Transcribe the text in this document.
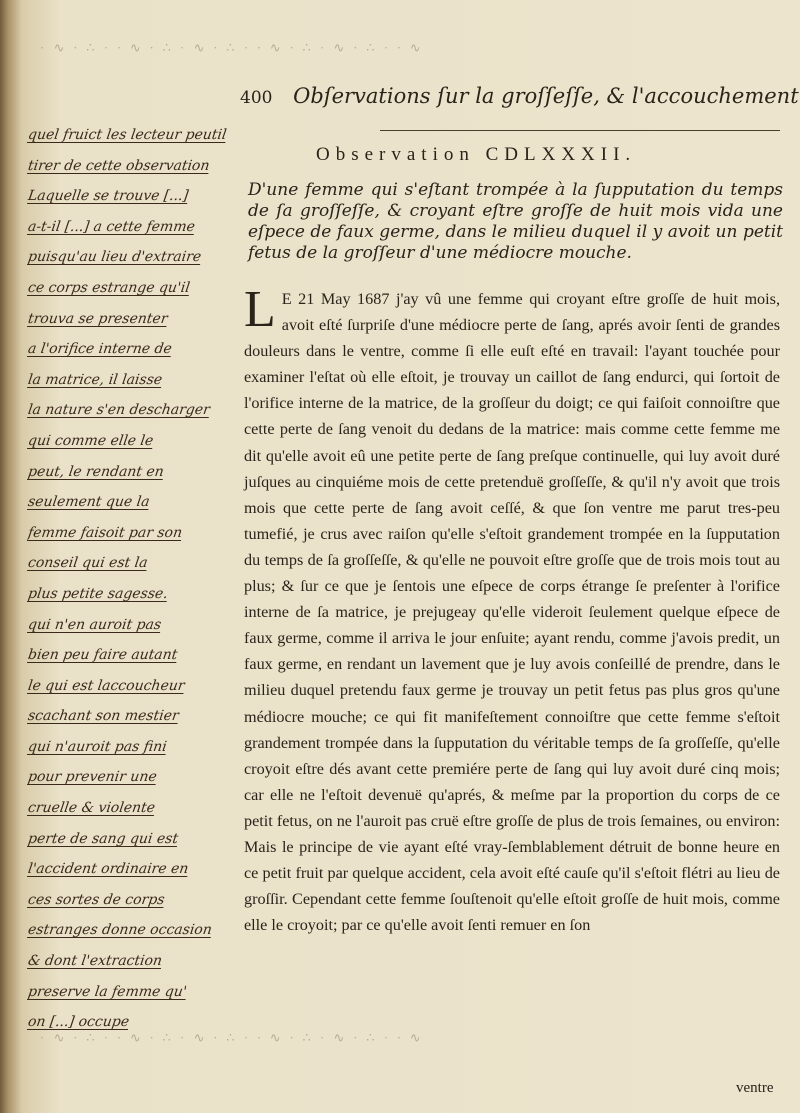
· ∿ ∙ ∴ · ∙ ∿ ∙ ∴ · ∿ ∙ ∴ · ∙ ∿ ∙ ∴ · ∿ ∙ ∴ · ∙ ∿
· ∿ ∙ ∴ · ∙ ∿ ∙ ∴ · ∿ ∙ ∴ · ∙ ∿ ∙ ∴ · ∿ ∙ ∴ · ∙ ∿
400 Obſervations ſur la groſſeſſe, & l'accouchement
Observation CDLXXXII.
D'une femme qui s'eſtant trompée à la ſupputation du temps de ſa groſſeſſe, & croyant eſtre groſſe de huit mois vida une eſpece de faux germe, dans le milieu duquel il y avoit un petit fetus de la groſſeur d'une médiocre mouche.
L E 21 May 1687 j'ay vû une femme qui croyant eſtre groſſe de huit mois, avoit eſté ſurpriſe d'une médiocre perte de ſang, aprés avoir ſenti de grandes douleurs dans le ventre, comme ſi elle euſt eſté en travail: l'ayant touchée pour examiner l'eſtat où elle eſtoit, je trouvay un caillot de ſang endurci, qui ſortoit de l'orifice interne de la matrice, de la groſſeur du doigt; ce qui faiſoit connoiſtre que cette perte de ſang venoit du dedans de la matrice: mais comme cette femme me dit qu'elle avoit eû une petite perte de ſang preſque continuelle, qui luy avoit duré juſques au cinquiéme mois de cette pretenduë groſſeſſe, & qu'il n'y avoit que trois mois que cette perte de ſang avoit ceſſé, & que ſon ventre me parut tres-peu tumefié, je crus avec raiſon qu'elle s'eſtoit grandement trompée en la ſupputation du temps de ſa groſſeſſe, & qu'elle ne pouvoit eſtre groſſe que de trois mois tout au plus; & ſur ce que je ſentois une eſpece de corps étrange ſe preſenter à l'orifice interne de ſa matrice, je prejugeay qu'elle videroit ſeulement quelque eſpece de faux germe, comme il arriva le jour enſuite; ayant rendu, comme j'avois predit, un faux germe, en rendant un lavement que je luy avois conſeillé de prendre, dans le milieu duquel pretendu faux germe je trouvay un petit fetus pas plus gros qu'une médiocre mouche; ce qui fit manifeſtement connoiſtre que cette femme s'eſtoit grandement trompée dans la ſupputation du véritable temps de ſa groſſeſſe, qu'elle croyoit eſtre dés avant cette premiére perte de ſang qui luy avoit duré cinq mois; car elle ne l'eſtoit devenuë qu'aprés, & meſme par la proportion du corps de ce petit fetus, on ne l'auroit pas cruë eſtre groſſe de plus de trois ſemaines, ou environ: Mais le principe de vie ayant eſté vray-ſemblablement détruit de bonne heure en ce petit fruit par quelque accident, cela avoit eſté cauſe qu'il s'eſtoit flétri au lieu de groſſir. Cependant cette femme ſouſtenoit qu'elle eſtoit groſſe de huit mois, comme elle le croyoit; par ce qu'elle avoit ſenti remuer en ſon

ventre
quel fruict les lecteur peutil
tirer de cette observation
Laquelle se trouve [...]
a-t-il [...] a cette femme
puisqu'au lieu d'extraire
ce corps estrange qu'il
trouva se presenter
a l'orifice interne de
la matrice, il laisse
la nature s'en descharger
qui comme elle le
peut, le rendant en
seulement que la
femme faisoit par son
conseil qui est la
plus petite sagesse.
qui n'en auroit pas
bien peu faire autant
le qui est laccoucheur
scachant son mestier
qui n'auroit pas fini
pour prevenir une
cruelle & violente
perte de sang qui est
l'accident ordinaire en
ces sortes de corps
estranges donne occasion
& dont l'extraction
preserve la femme qu'
on [...] occupe
